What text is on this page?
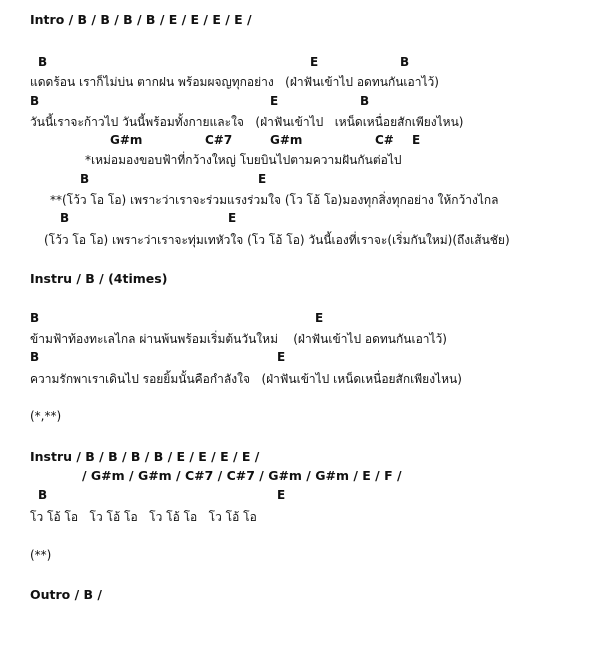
Intro / B / B / B / B / E / E / E / E /
B	E	B
แดดร้อน เราก็ไม่บ่น ตากฝน พร้อมผจญทุกอย่าง   (ฝ่าฟันเข้าไป อดทนกันเอาไว้)
B	E	B
วันนี้เราจะก้าวไป วันนี้พร้อมทั้งกายและใจ   (ฝ่าฟันเข้าไป   เหน็ดเหนื่อยสักเพียงไหน)
G#m	C#7	G#m	C# E
*เหม่อมองขอบฟ้าที่กว้างใหญ่ โบยบินไปตามความฝันกันต่อไป
B	E
**(โว้ว โอ โอ) เพราะว่าเราจะร่วมแรงร่วมใจ (โว โอ้ โอ)มองทุกสิ่งทุกอย่าง ให้กว้างไกล
B	E
(โว้ว โอ โอ) เพราะว่าเราจะทุ่มเทหัวใจ (โว โอ้ โอ) วันนี้เองที่เราจะ(เริ่มกันใหม่)(ถึงเส้นชัย)
Instru / B / (4times)
B	E
ข้ามฟ้าท้องทะเลไกล ผ่านพ้นพร้อมเริ่มต้นวันใหม่    (ฝ่าฟันเข้าไป อดทนกันเอาไว้)
B	E
ความรักพาเราเดินไป รอยยิ้มนั้นคือกำลังใจ   (ฝ่าฟันเข้าไป เหน็ดเหนื่อยสักเพียงไหน)
(*,**)
Instru / B / B / B / B / E / E / E / E /
/ G#m / G#m / C#7 / C#7 / G#m / G#m / E / F /
B	E
โว โอ้ โอ   โว โอ้ โอ   โว โอ้ โอ   โว โอ้ โอ
(**)
Outro / B /
